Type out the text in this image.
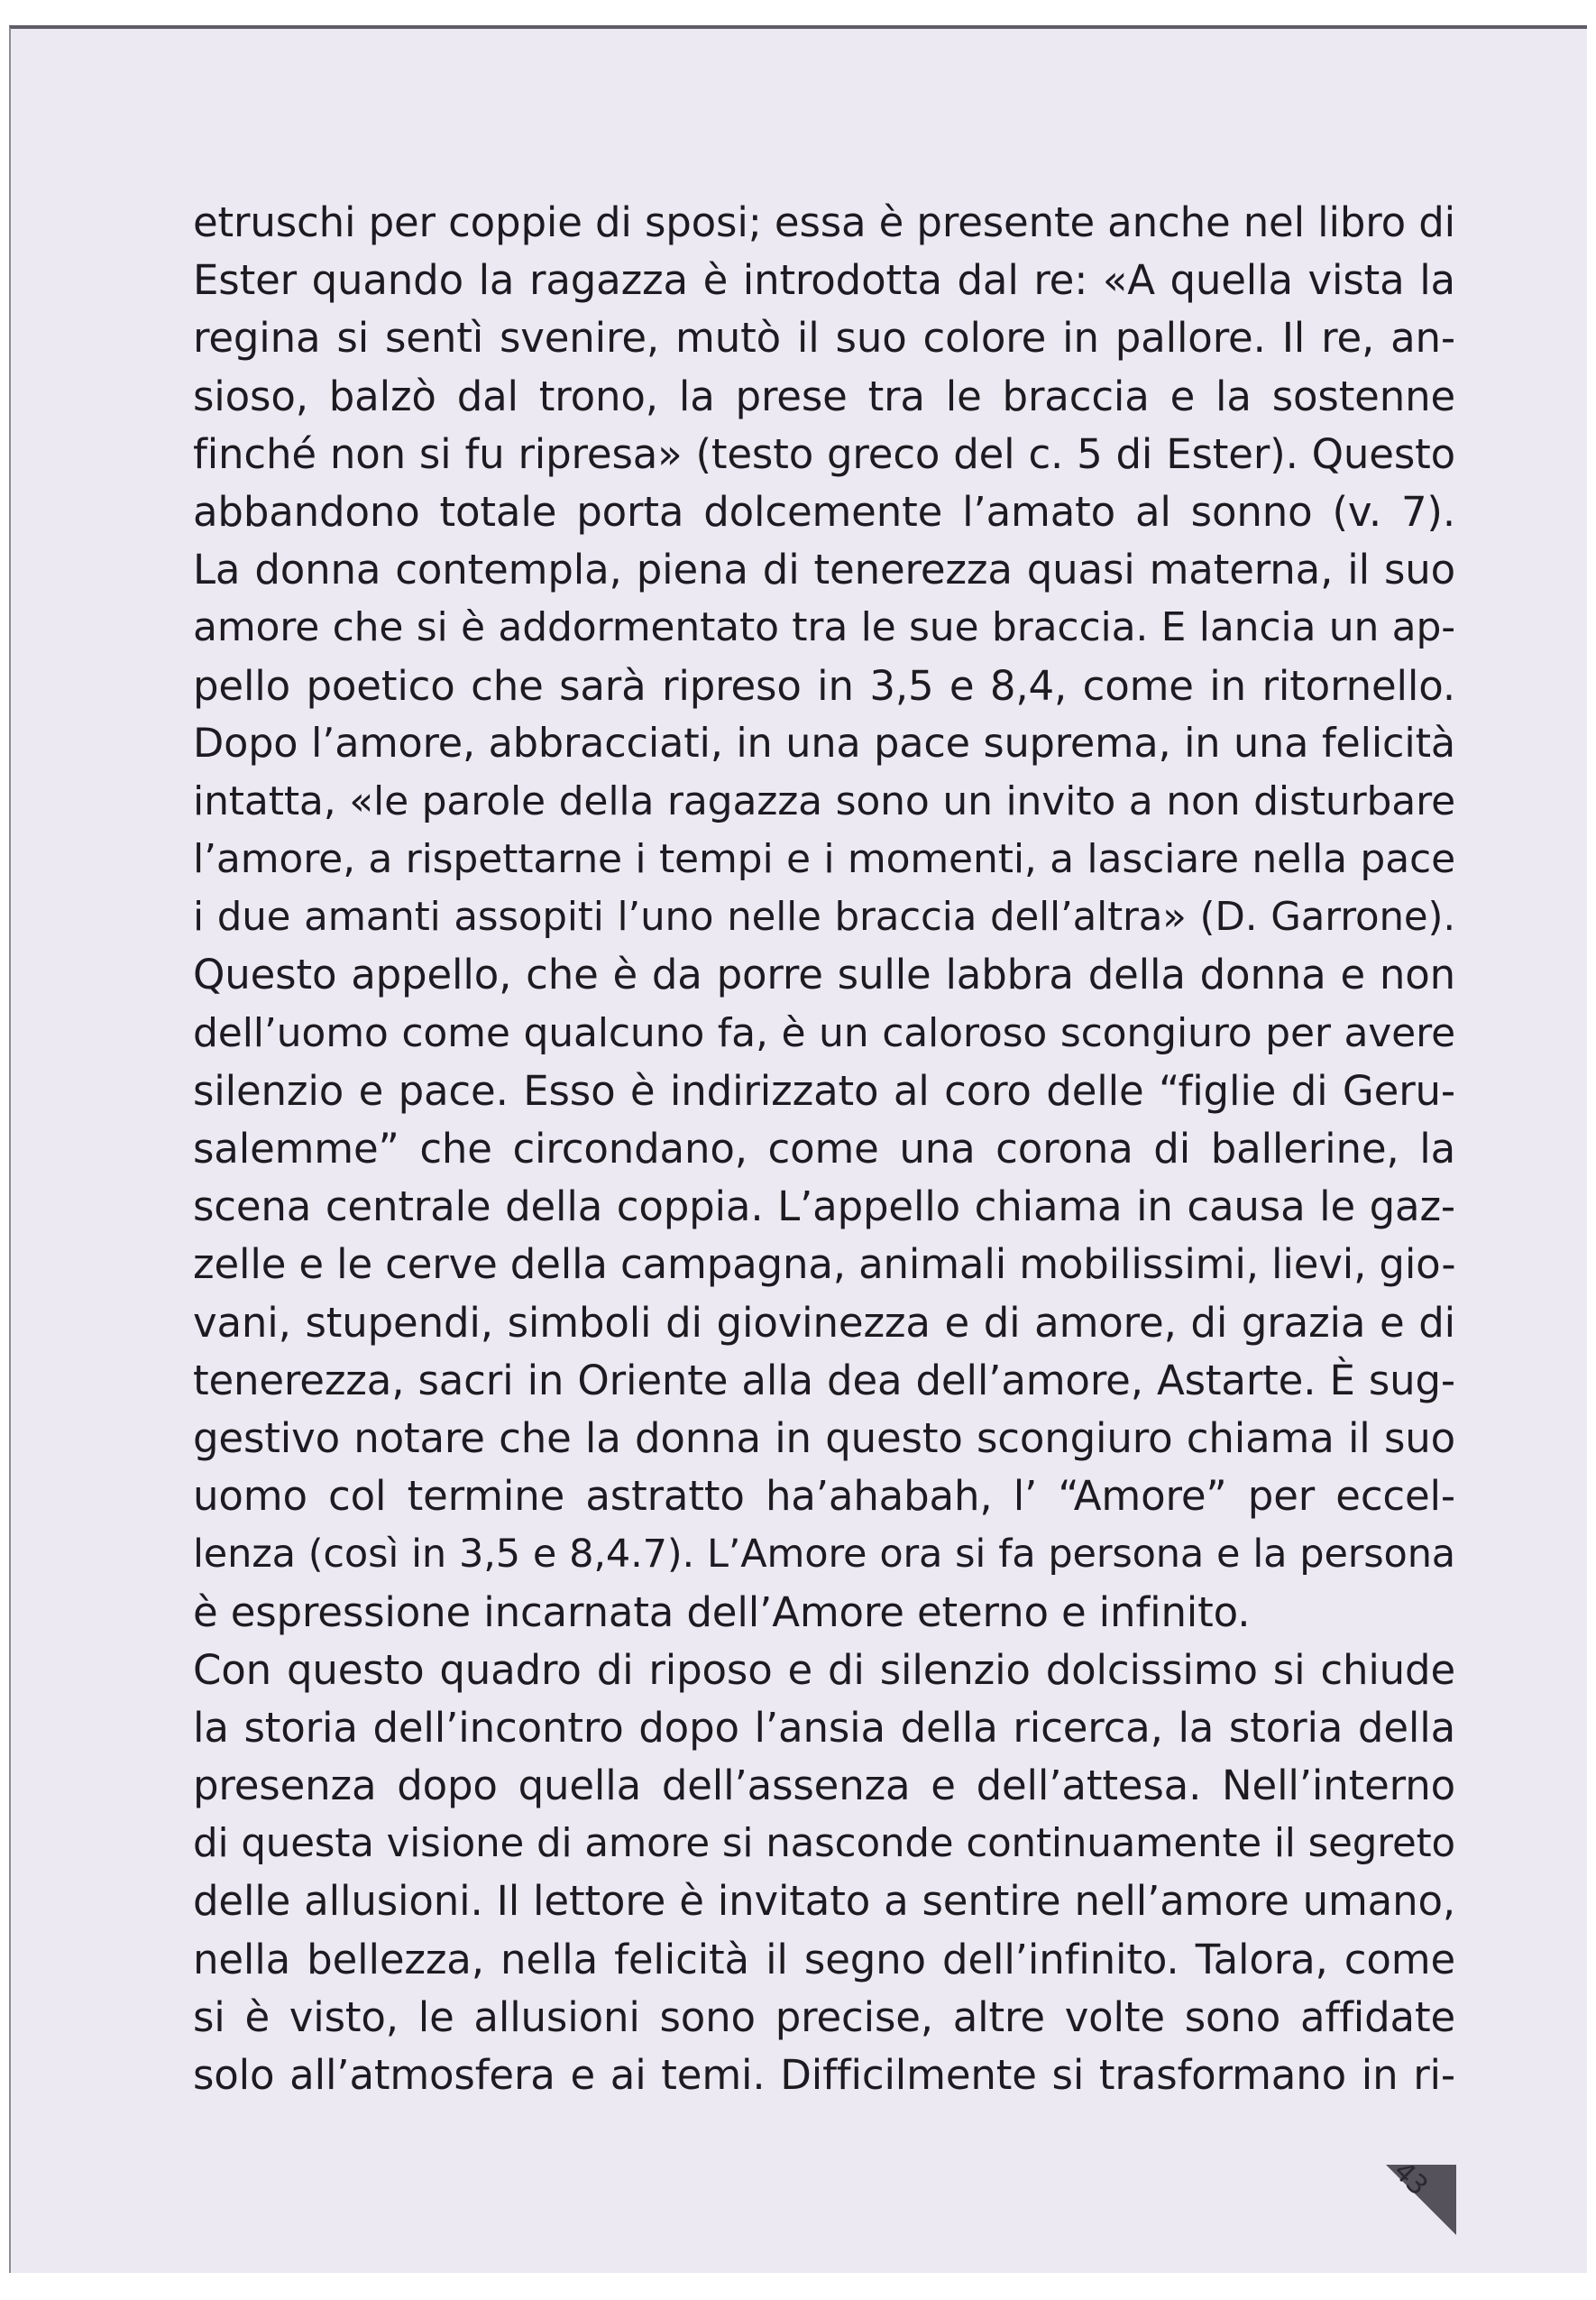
etruschi per coppie di sposi; essa è presente anche nel libro di
Ester quando la ragazza è introdotta dal re: «A quella vista la
regina si sentì svenire, mutò il suo colore in pallore. Il re, an-
sioso, balzò dal trono, la prese tra le braccia e la sostenne
finché non si fu ripresa» (testo greco del c. 5 di Ester). Questo
abbandono totale porta dolcemente l’amato al sonno (v. 7).
La donna contempla, piena di tenerezza quasi materna, il suo
amore che si è addormentato tra le sue braccia. E lancia un ap-
pello poetico che sarà ripreso in 3,5 e 8,4, come in ritornello.
Dopo l’amore, abbracciati, in una pace suprema, in una felicità
intatta, «le parole della ragazza sono un invito a non disturbare
l’amore, a rispettarne i tempi e i momenti, a lasciare nella pace
i due amanti assopiti l’uno nelle braccia dell’altra» (D. Garrone).
Questo appello, che è da porre sulle labbra della donna e non
dell’uomo come qualcuno fa, è un caloroso scongiuro per avere
silenzio e pace. Esso è indirizzato al coro delle “figlie di Geru-
salemme” che circondano, come una corona di ballerine, la
scena centrale della coppia. L’appello chiama in causa le gaz-
zelle e le cerve della campagna, animali mobilissimi, lievi, gio-
vani, stupendi, simboli di giovinezza e di amore, di grazia e di
tenerezza, sacri in Oriente alla dea dell’amore, Astarte. È sug-
gestivo notare che la donna in questo scongiuro chiama il suo
uomo col termine astratto ha’ahabah, l’ “Amore” per eccel-
lenza (così in 3,5 e 8,4.7). L’Amore ora si fa persona e la persona
è espressione incarnata dell’Amore eterno e infinito.
Con questo quadro di riposo e di silenzio dolcissimo si chiude
la storia dell’incontro dopo l’ansia della ricerca, la storia della
presenza dopo quella dell’assenza e dell’attesa. Nell’interno
di questa visione di amore si nasconde continuamente il segreto
delle allusioni. Il lettore è invitato a sentire nell’amore umano,
nella bellezza, nella felicità il segno dell’infinito. Talora, come
si è visto, le allusioni sono precise, altre volte sono affidate
solo all’atmosfera e ai temi. Difficilmente si trasformano in ri-
43
